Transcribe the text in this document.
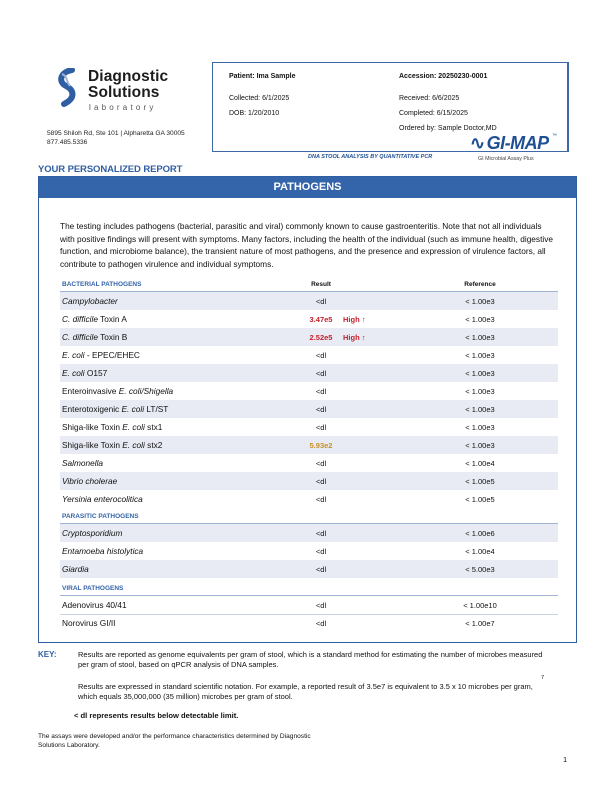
Diagnostic
Solutions
laboratory
5895 Shiloh Rd, Ste 101 | Alpharetta GA 30005
877.485.5336
Patient: Ima Sample	Accession: 20250230-0001
Collected: 6/1/2025	Received: 6/6/2025
DOB: 1/20/2010	Completed: 6/15/2025
Ordered by: Sample Doctor,MD
∿ GI-MAP ™
GI Microbial Assay Plus
DNA STOOL ANALYSIS BY QUANTITATIVE PCR
YOUR PERSONALIZED REPORT
PATHOGENS
The testing includes pathogens (bacterial, parasitic and viral) commonly known to cause gastroenteritis. Note that not all individuals with positive findings will present with symptoms. Many factors, including the health of the individual (such as immune health, digestive function, and microbiome balance), the transient nature of most pathogens, and the presence and expression of virulence factors, all contribute to pathogen virulence and individual symptoms.
BACTERIAL PATHOGENS	Result	Reference
Campylobacter	<dl	< 1.00e3
C. difficile Toxin A	3.47e5	High ↑	< 1.00e3
C. difficile Toxin B	2.52e5	High ↑	< 1.00e3
E. coli - EPEC/EHEC	<dl	< 1.00e3
E. coli O157	<dl	< 1.00e3
Enteroinvasive E. coli/Shigella	<dl	< 1.00e3
Enterotoxigenic E. coli LT/ST	<dl	< 1.00e3
Shiga-like Toxin E. coli stx1	<dl	< 1.00e3
Shiga-like Toxin E. coli stx2	5.93e2	< 1.00e3
Salmonella	<dl	< 1.00e4
Vibrio cholerae	<dl	< 1.00e5
Yersinia enterocolitica	<dl	< 1.00e5
PARASITIC PATHOGENS
Cryptosporidium	<dl	< 1.00e6
Entamoeba histolytica	<dl	< 1.00e4
Giardia	<dl	< 5.00e3
VIRAL PATHOGENS
Adenovirus 40/41	<dl	< 1.00e10
Norovirus GI/II	<dl	< 1.00e7
KEY:	Results are reported as genome equivalents per gram of stool, which is a standard method for estimating the number of microbes measured per gram of stool, based on qPCR analysis of DNA samples.
Results are expressed in standard scientific notation. For example, a reported result of 3.5e7 is equivalent to 3.5 x 10 microbes per gram, which equals 35,000,000 (35 million) microbes per gram of stool.
7
< dl represents results below detectable limit.
The assays were developed and/or the performance characteristics determined by Diagnostic Solutions Laboratory.
1
